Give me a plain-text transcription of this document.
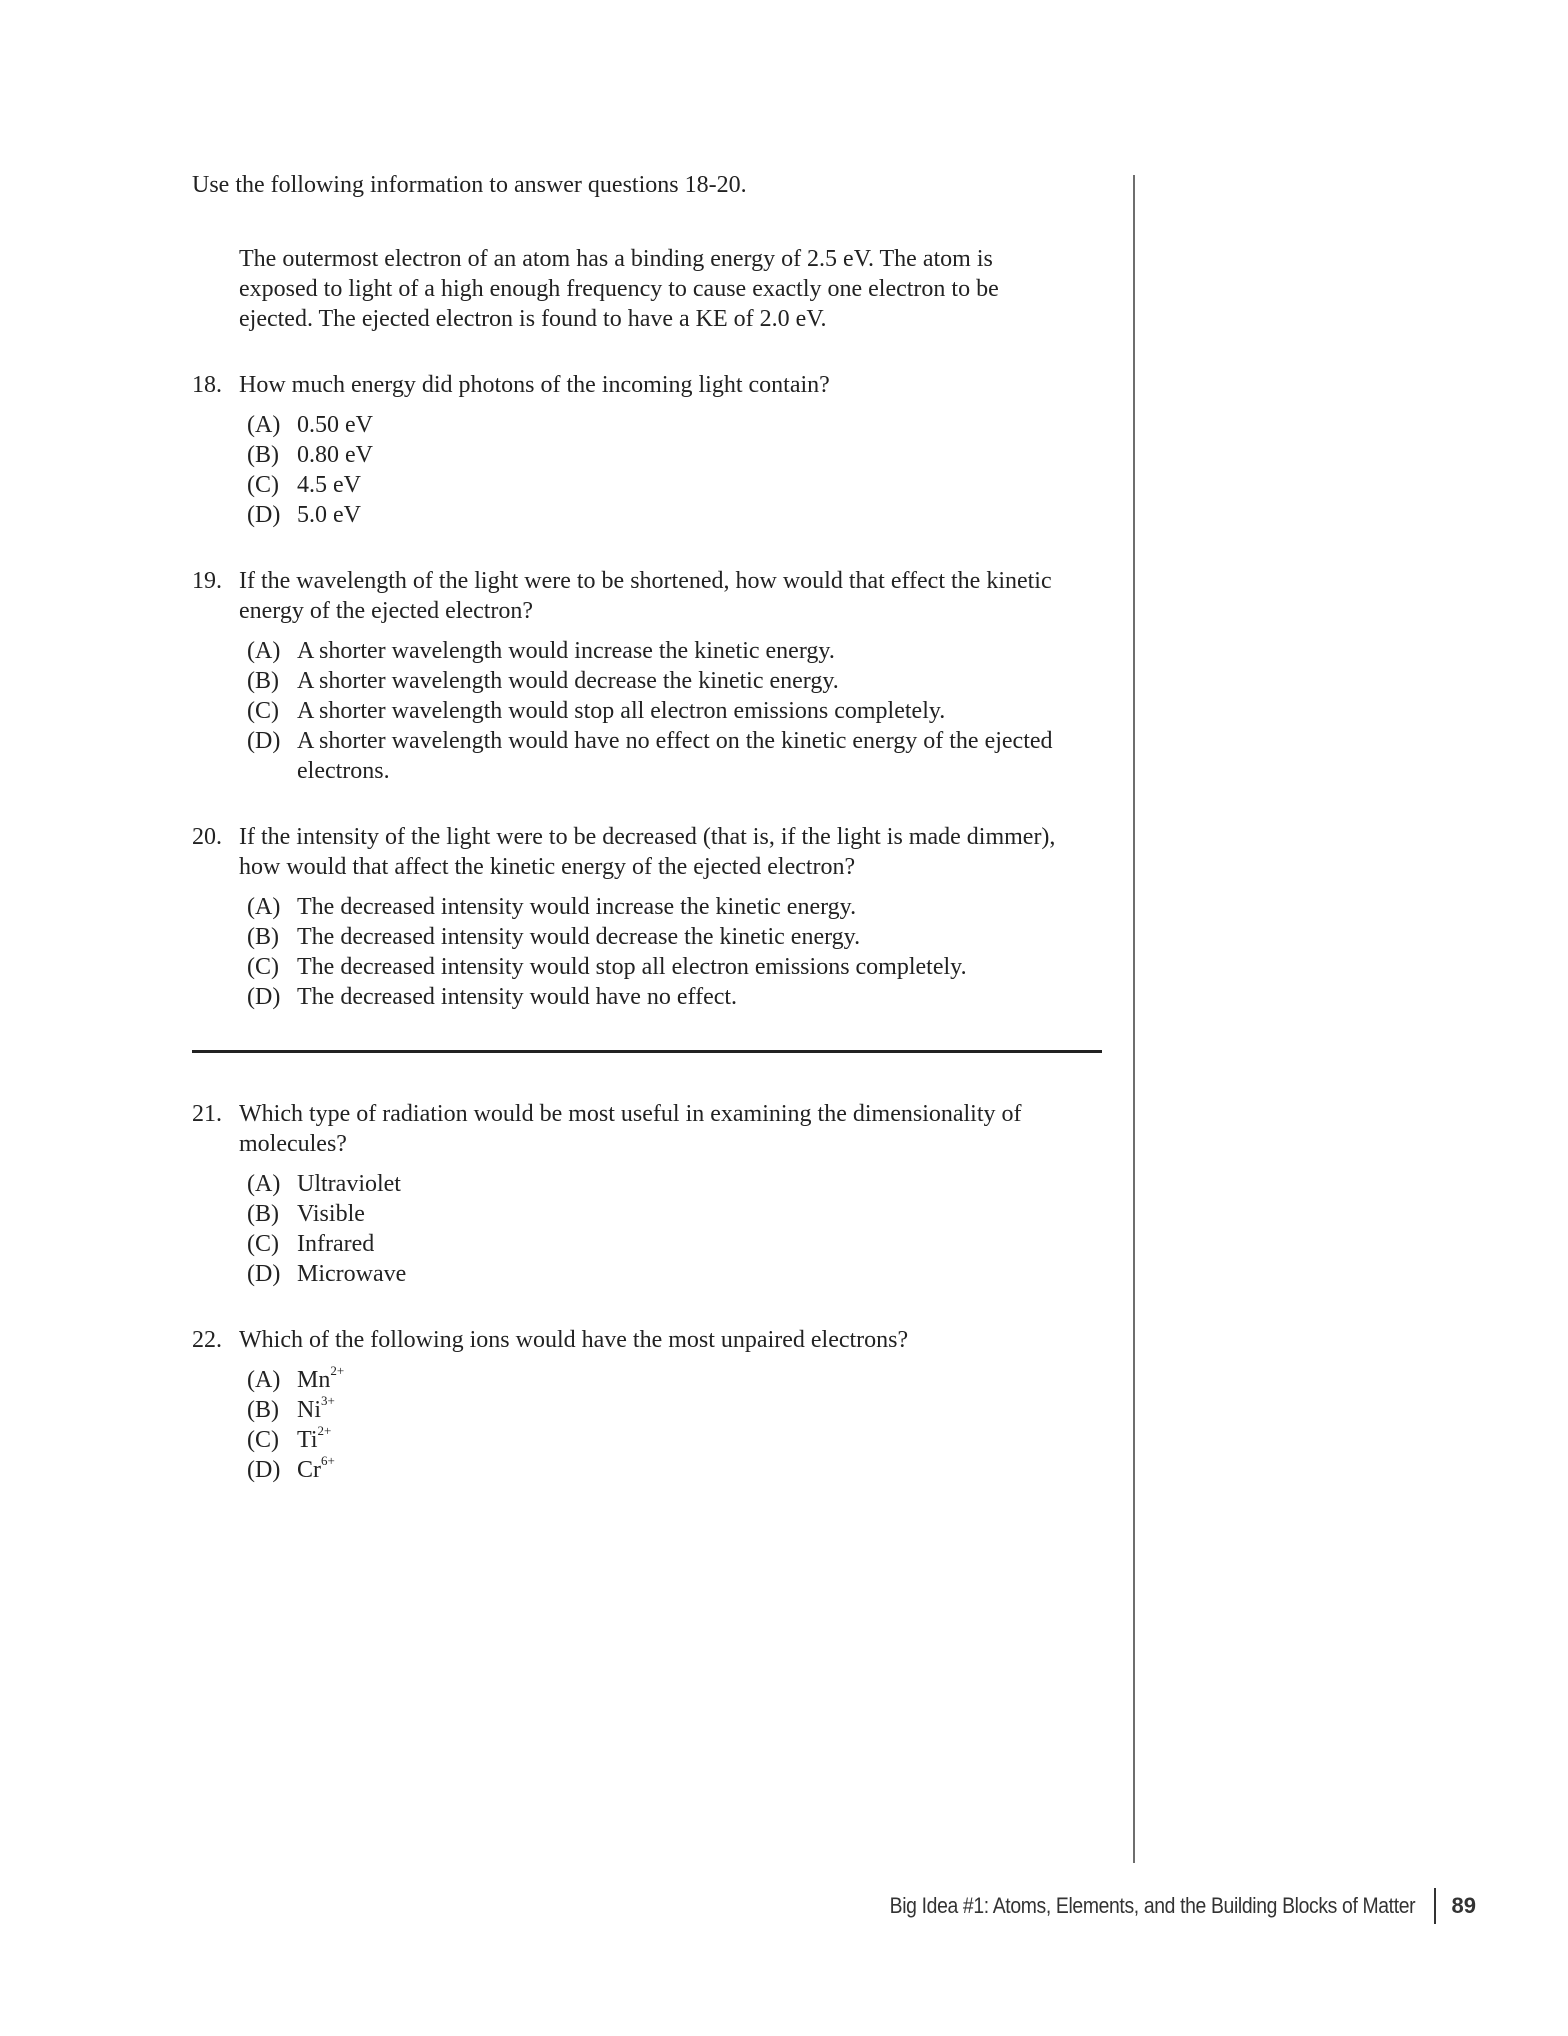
Use the following information to answer questions 18-20.

The outermost electron of an atom has a binding energy of 2.5 eV. The atom is exposed to light of a high enough frequency to cause exactly one electron to be ejected. The ejected electron is found to have a KE of 2.0 eV.

18. How much energy did photons of the incoming light contain?

(A) 0.50 eV
(B) 0.80 eV
(C) 4.5 eV
(D) 5.0 eV
19. If the wavelength of the light were to be shortened, how would that effect the kinetic energy of the ejected electron?

(A) A shorter wavelength would increase the kinetic energy.
(B) A shorter wavelength would decrease the kinetic energy.
(C) A shorter wavelength would stop all electron emissions completely.
(D) A shorter wavelength would have no effect on the kinetic energy of the ejected electrons.
20. If the intensity of the light were to be decreased (that is, if the light is made dimmer), how would that affect the kinetic energy of the ejected electron?

(A) The decreased intensity would increase the kinetic energy.
(B) The decreased intensity would decrease the kinetic energy.
(C) The decreased intensity would stop all electron emissions completely.
(D) The decreased intensity would have no effect.
21. Which type of radiation would be most useful in examining the dimensionality of molecules?

(A) Ultraviolet
(B) Visible
(C) Infrared
(D) Microwave
22. Which of the following ions would have the most unpaired electrons?

(A) $Mn^{2+}$
(B) $Ni^{3+}$
(C) $Ti^{2+}$
(D) $Cr^{6+}$
Big Idea #1: Atoms, Elements, and the Building Blocks of Matter 89
